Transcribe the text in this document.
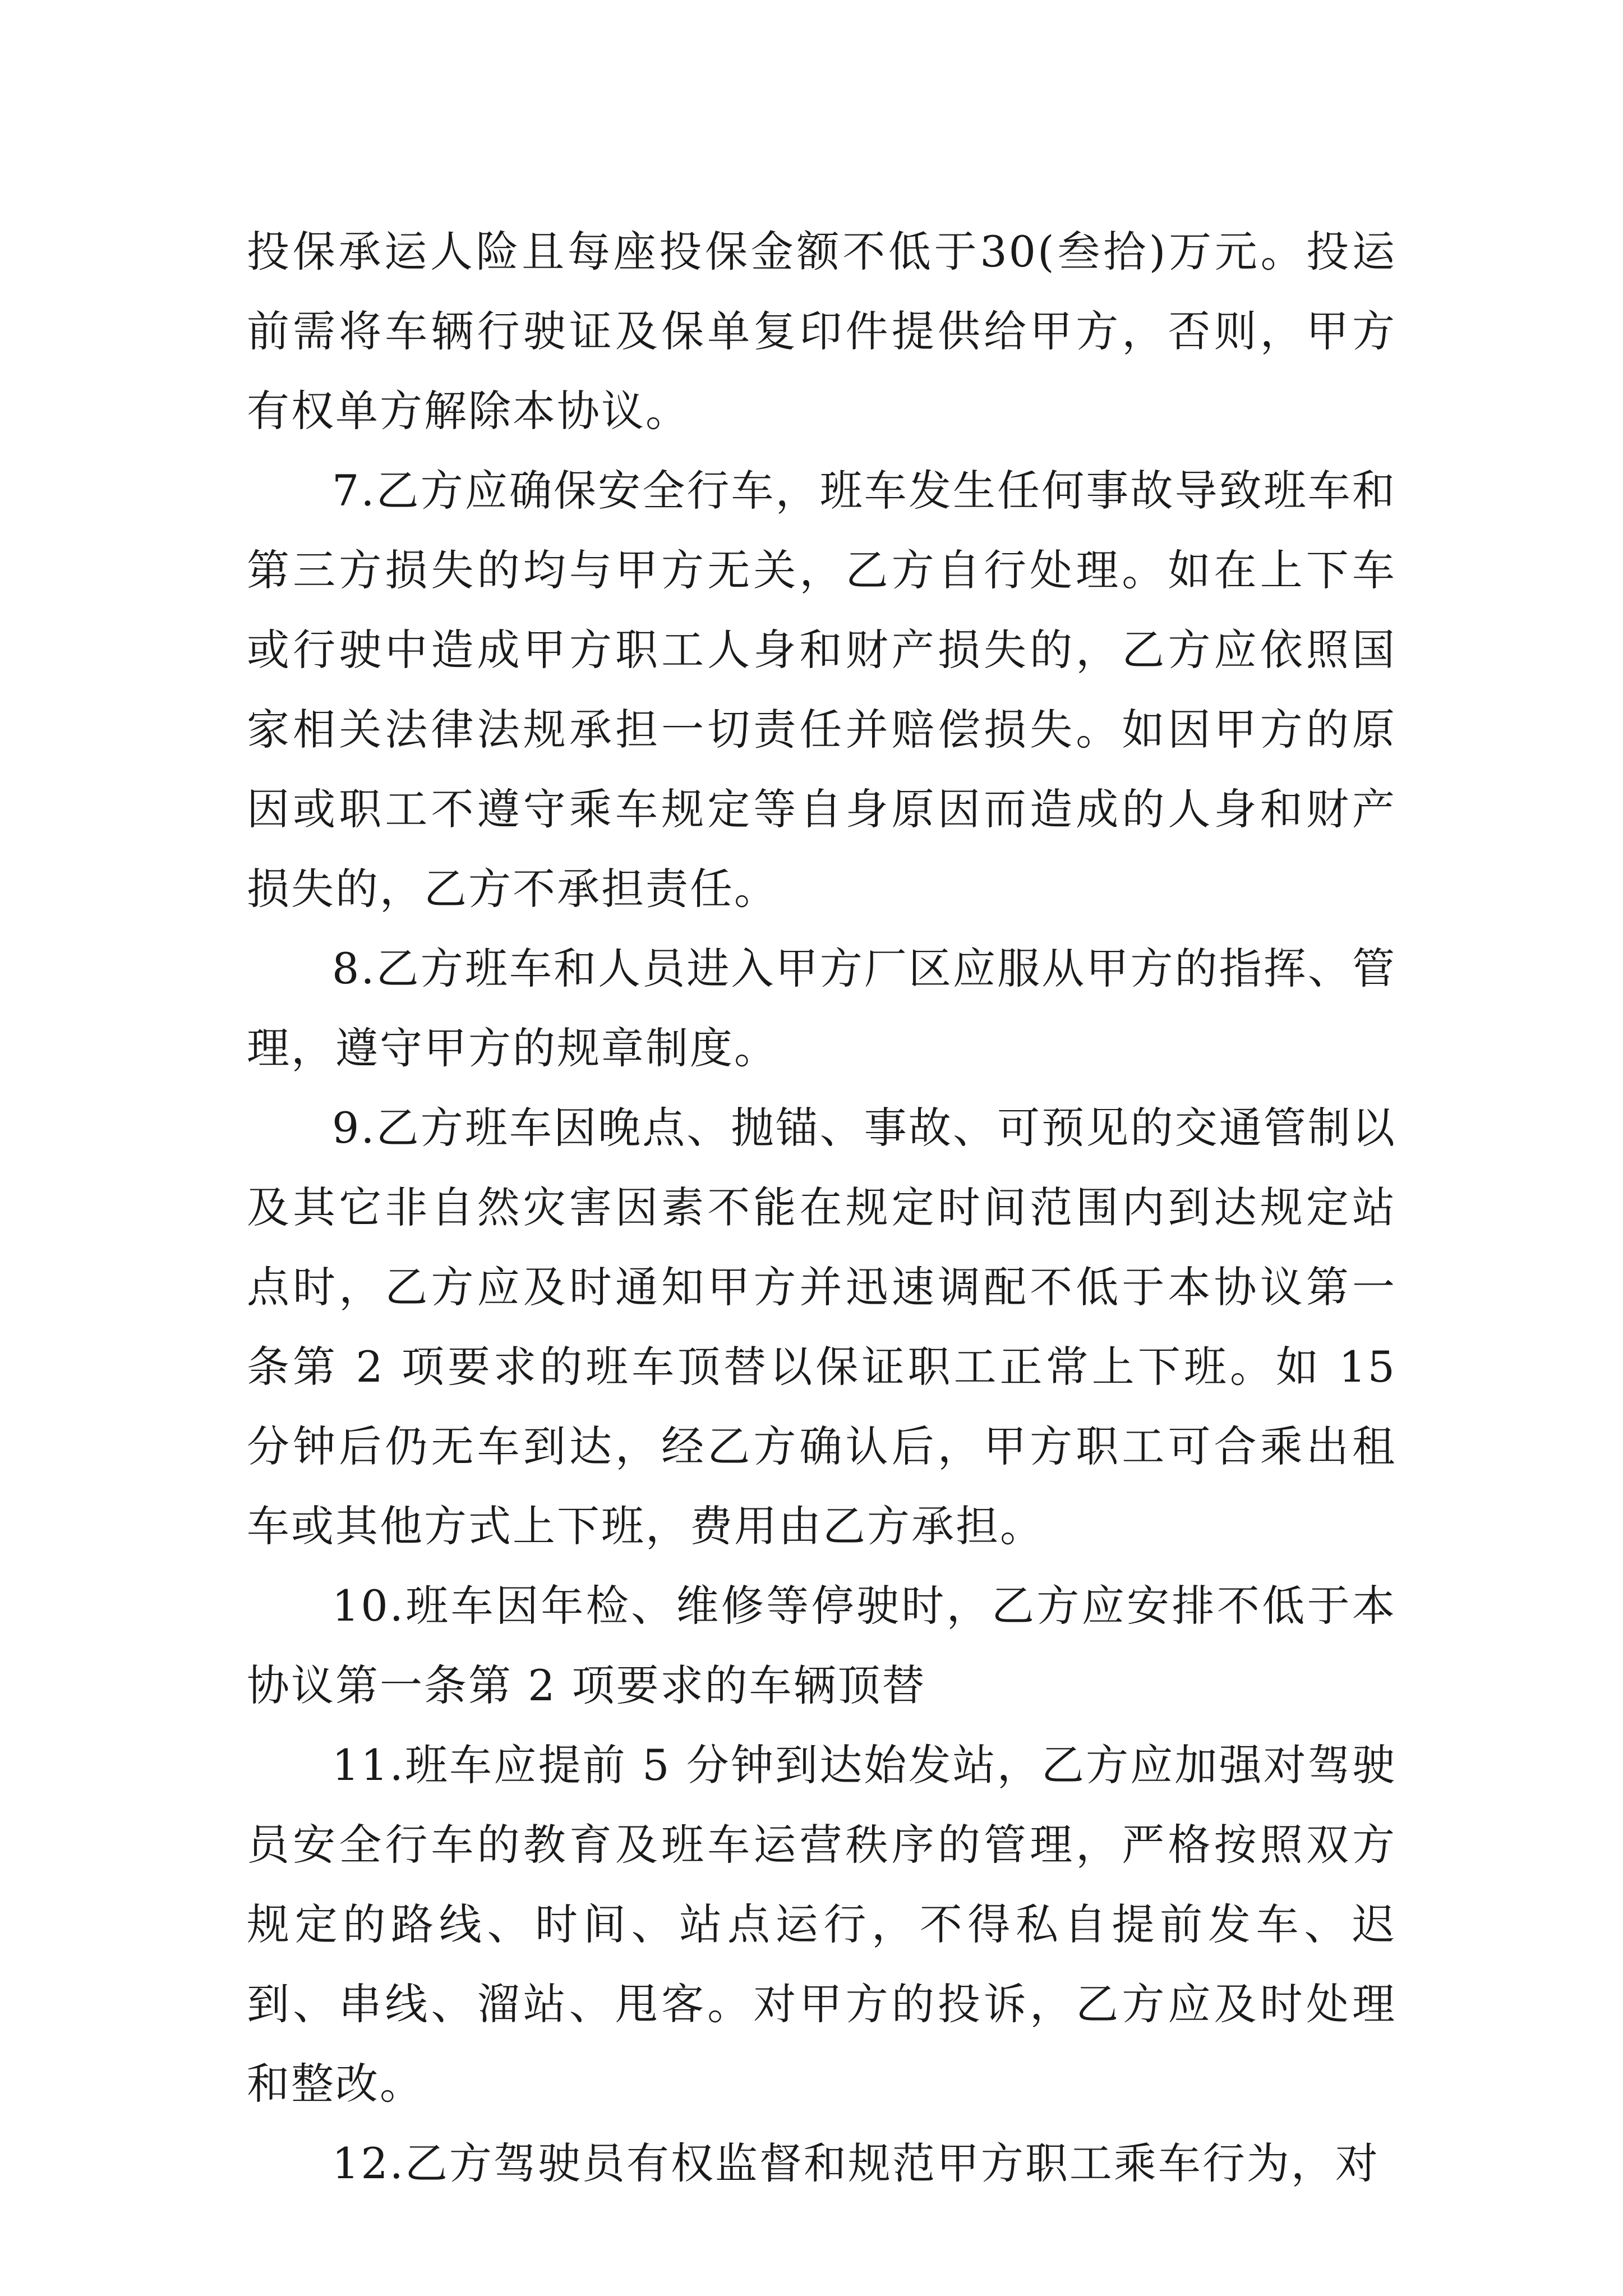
投保承运人险且每座投保金额不低于30(叁拾)万元。投运前需将车辆行驶证及保单复印件提供给甲方，否则，甲方有权单方解除本协议。

7.乙方应确保安全行车，班车发生任何事故导致班车和第三方损失的均与甲方无关，乙方自行处理。如在上下车或行驶中造成甲方职工人身和财产损失的，乙方应依照国家相关法律法规承担一切责任并赔偿损失。如因甲方的原因或职工不遵守乘车规定等自身原因而造成的人身和财产损失的，乙方不承担责任。

8.乙方班车和人员进入甲方厂区应服从甲方的指挥、管理，遵守甲方的规章制度。

9.乙方班车因晚点、抛锚、事故、可预见的交通管制以及其它非自然灾害因素不能在规定时间范围内到达规定站点时，乙方应及时通知甲方并迅速调配不低于本协议第一条第 2 项要求的班车顶替以保证职工正常上下班。如 15 分钟后仍无车到达，经乙方确认后，甲方职工可合乘出租车或其他方式上下班，费用由乙方承担。

10.班车因年检、维修等停驶时，乙方应安排不低于本协议第一条第 2 项要求的车辆顶替

11.班车应提前 5 分钟到达始发站，乙方应加强对驾驶员安全行车的教育及班车运营秩序的管理，严格按照双方规定的路线、时间、站点运行，不得私自提前发车、迟到、串线、溜站、甩客。对甲方的投诉，乙方应及时处理和整改。

12.乙方驾驶员有权监督和规范甲方职工乘车行为，对
